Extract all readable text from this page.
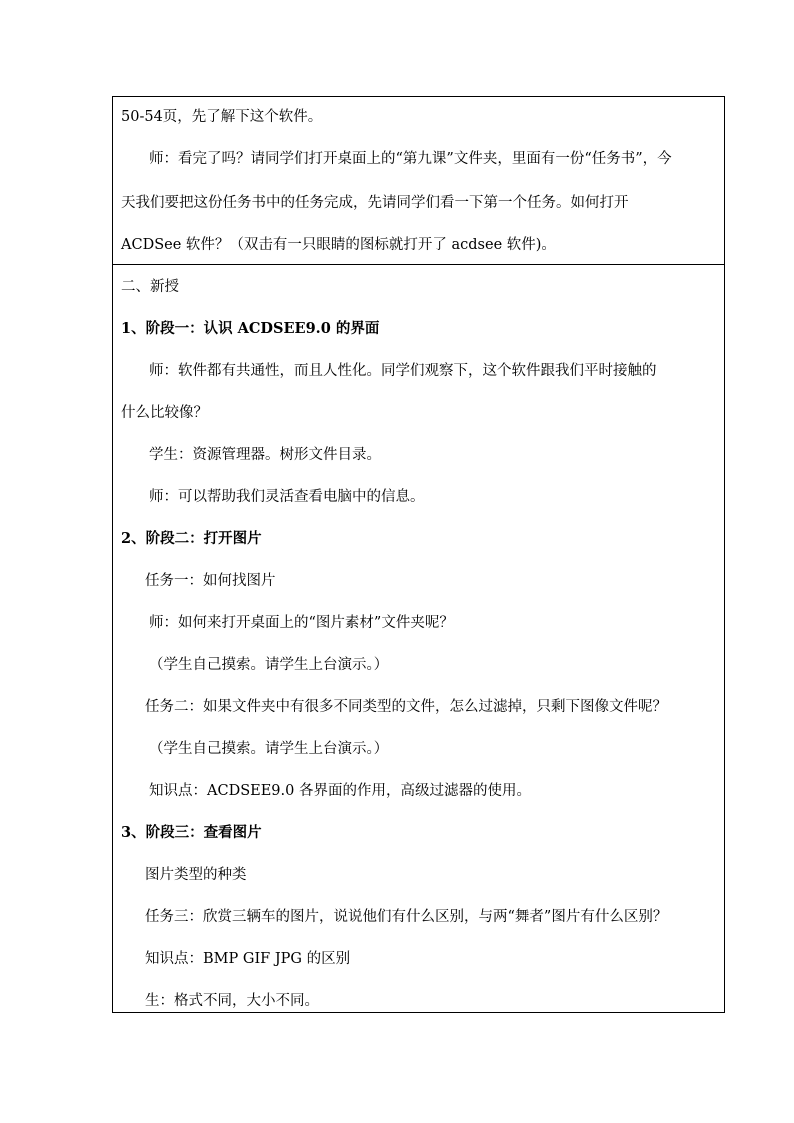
50-54页，先了解下这个软件。
师：看完了吗？请同学们打开桌面上的“第九课”文件夹，里面有一份“任务书”，今
天我们要把这份任务书中的任务完成，先请同学们看一下第一个任务。如何打开
ACDSee 软件？（双击有一只眼睛的图标就打开了 acdsee 软件)。
二、新授
1、阶段一：认识 ACDSEE9.0 的界面
师：软件都有共通性，而且人性化。同学们观察下，这个软件跟我们平时接触的
什么比较像？
学生：资源管理器。树形文件目录。
师：可以帮助我们灵活查看电脑中的信息。
2、阶段二：打开图片
任务一：如何找图片
师：如何来打开桌面上的“图片素材”文件夹呢？
（学生自己摸索。请学生上台演示。）
任务二：如果文件夹中有很多不同类型的文件，怎么过滤掉，只剩下图像文件呢？
（学生自己摸索。请学生上台演示。）
知识点：ACDSEE9.0 各界面的作用，高级过滤器的使用。
3、阶段三：查看图片
图片类型的种类
任务三：欣赏三辆车的图片，说说他们有什么区别，与两“舞者”图片有什么区别？
知识点：BMP GIF JPG 的区别
生：格式不同，大小不同。
